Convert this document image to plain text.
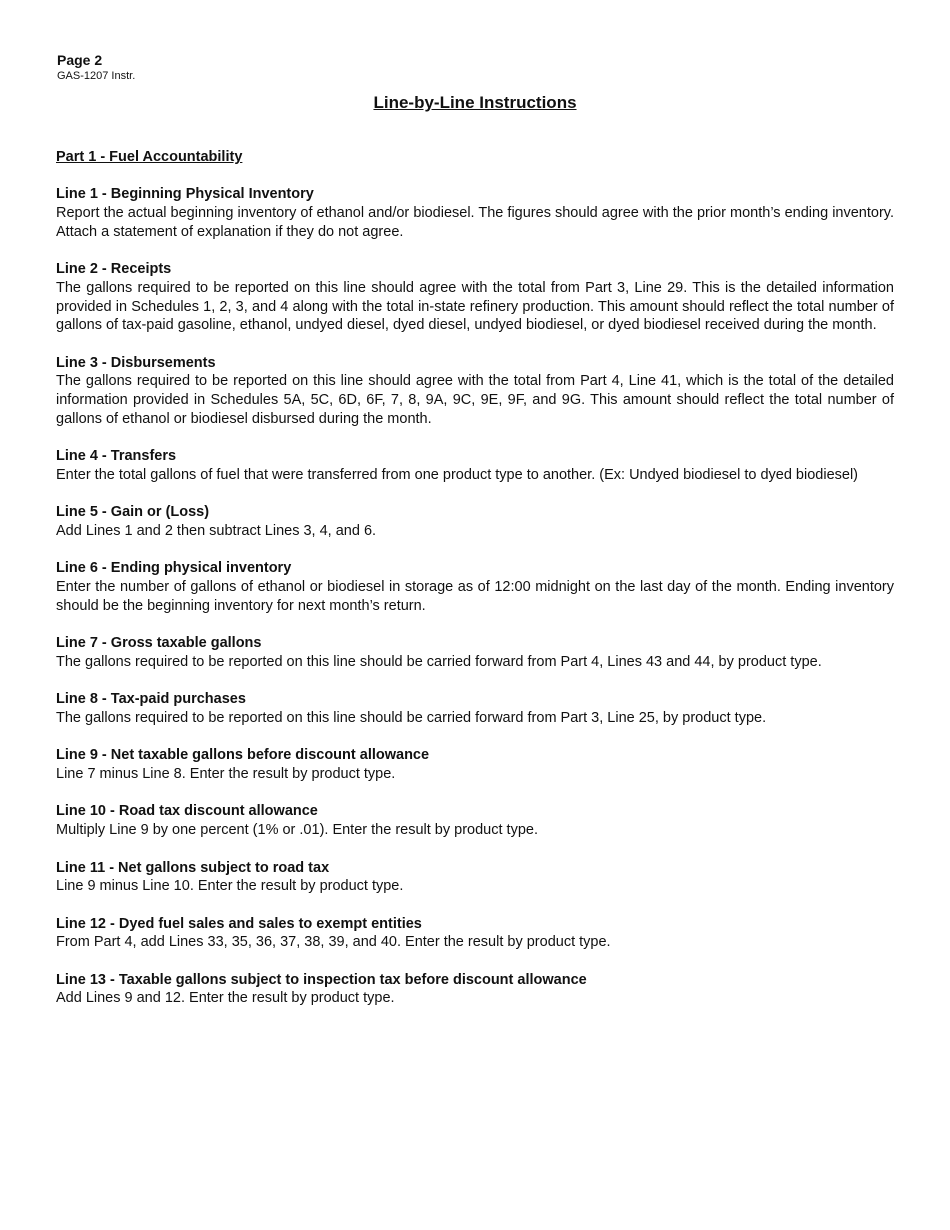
Page 2
GAS-1207 Instr.
Line-by-Line Instructions
Part 1 - Fuel Accountability
Line 1 - Beginning Physical Inventory
Report the actual beginning inventory of ethanol and/or biodiesel. The figures should agree with the prior month’s ending inventory. Attach a statement of explanation if they do not agree.
Line 2 - Receipts
The gallons required to be reported on this line should agree with the total from Part 3, Line 29. This is the detailed information provided in Schedules 1, 2, 3, and 4 along with the total in-state refinery production. This amount should reflect the total number of gallons of tax-paid gasoline, ethanol, undyed diesel, dyed diesel, undyed biodiesel, or dyed biodiesel received during the month.
Line 3 - Disbursements
The gallons required to be reported on this line should agree with the total from Part 4, Line 41, which is the total of the detailed information provided in Schedules 5A, 5C, 6D, 6F, 7, 8, 9A, 9C, 9E, 9F, and 9G. This amount should reflect the total number of gallons of ethanol or biodiesel disbursed during the month.
Line 4 - Transfers
Enter the total gallons of fuel that were transferred from one product type to another. (Ex: Undyed biodiesel to dyed biodiesel)
Line 5 - Gain or (Loss)
Add Lines 1 and 2 then subtract Lines 3, 4, and 6.
Line 6 - Ending physical inventory
Enter the number of gallons of ethanol or biodiesel in storage as of 12:00 midnight on the last day of the month. Ending inventory should be the beginning inventory for next month’s return.
Line 7 - Gross taxable gallons
The gallons required to be reported on this line should be carried forward from Part 4, Lines 43 and 44, by product type.
Line 8 - Tax-paid purchases
The gallons required to be reported on this line should be carried forward from Part 3, Line 25, by product type.
Line 9 - Net taxable gallons before discount allowance
Line 7 minus Line 8. Enter the result by product type.
Line 10 - Road tax discount allowance
Multiply Line 9 by one percent (1% or .01). Enter the result by product type.
Line 11 - Net gallons subject to road tax
Line 9 minus Line 10. Enter the result by product type.
Line 12 - Dyed fuel sales and sales to exempt entities
From Part 4, add Lines 33, 35, 36, 37, 38, 39, and 40. Enter the result by product type.
Line 13 - Taxable gallons subject to inspection tax before discount allowance
Add Lines 9 and 12. Enter the result by product type.
